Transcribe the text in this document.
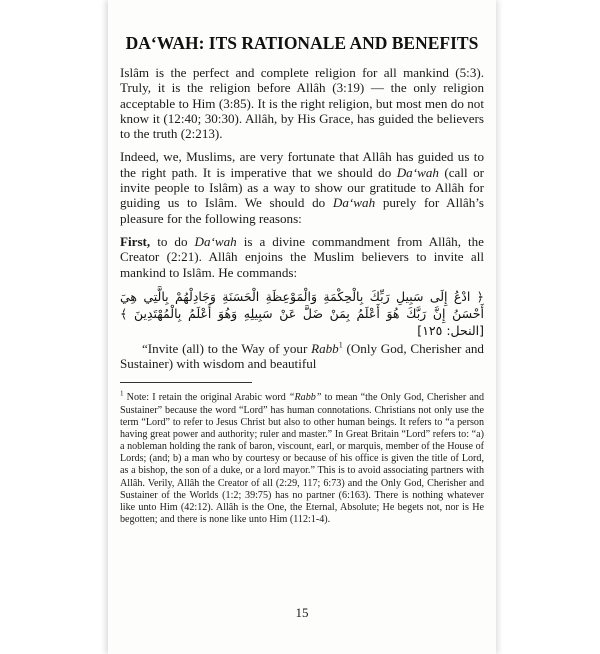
DA‘WAH: ITS RATIONALE AND BENEFITS

Islâm is the perfect and complete religion for all mankind (5:3). Truly, it is the religion before Allâh (3:19) — the only religion acceptable to Him (3:85). It is the right religion, but most men do not know it (12:40; 30:30). Allâh, by His Grace, has guided the believers to the truth (2:213).

Indeed, we, Muslims, are very fortunate that Allâh has guided us to the right path. It is imperative that we should do Da‘wah (call or invite people to Islâm) as a way to show our gratitude to Allâh for guiding us to Islâm. We should do Da‘wah purely for Allâh’s pleasure for the following reasons:

First, to do Da‘wah is a divine commandment from Allâh, the Creator (2:21). Allâh enjoins the Muslim believers to invite all mankind to Islâm. He commands:

﴿ ادْعُ إِلَى سَبِيلِ رَبِّكَ بِالْحِكْمَةِ وَالْمَوْعِظَةِ الْحَسَنَةِ وَجَادِلْهُمْ بِالَّتِي هِيَ أَحْسَنُ إِنَّ رَبَّكَ هُوَ أَعْلَمُ بِمَنْ ضَلَّ عَنْ سَبِيلِهِ وَهُوَ أَعْلَمُ بِالْمُهْتَدِينَ ﴾ [النحل: ١٢٥]

“Invite (all) to the Way of your Rabb$^1$ (Only God, Cherisher and Sustainer) with wisdom and beautiful

$^1$ Note: I retain the original Arabic word “Rabb” to mean “the Only God, Cherisher and Sustainer” because the word “Lord” has human connotations. Christians not only use the term “Lord” to refer to Jesus Christ but also to other human beings. It refers to “a person having great power and authority; ruler and master.” In Great Britain “Lord” refers to: “a) a nobleman holding the rank of baron, viscount, earl, or marquis, member of the House of Lords; (and; b) a man who by courtesy or because of his office is given the title of Lord, as a bishop, the son of a duke, or a lord mayor.” This is to avoid associating partners with Allâh. Verily, Allâh the Creator of all (2:29, 117; 6:73) and the Only God, Cherisher and Sustainer of the Worlds (1:2; 39:75) has no partner (6:163). There is nothing whatever like unto Him (42:12). Allâh is the One, the Eternal, Absolute; He begets not, nor is He begotten; and there is none like unto Him (112:1-4).

15
